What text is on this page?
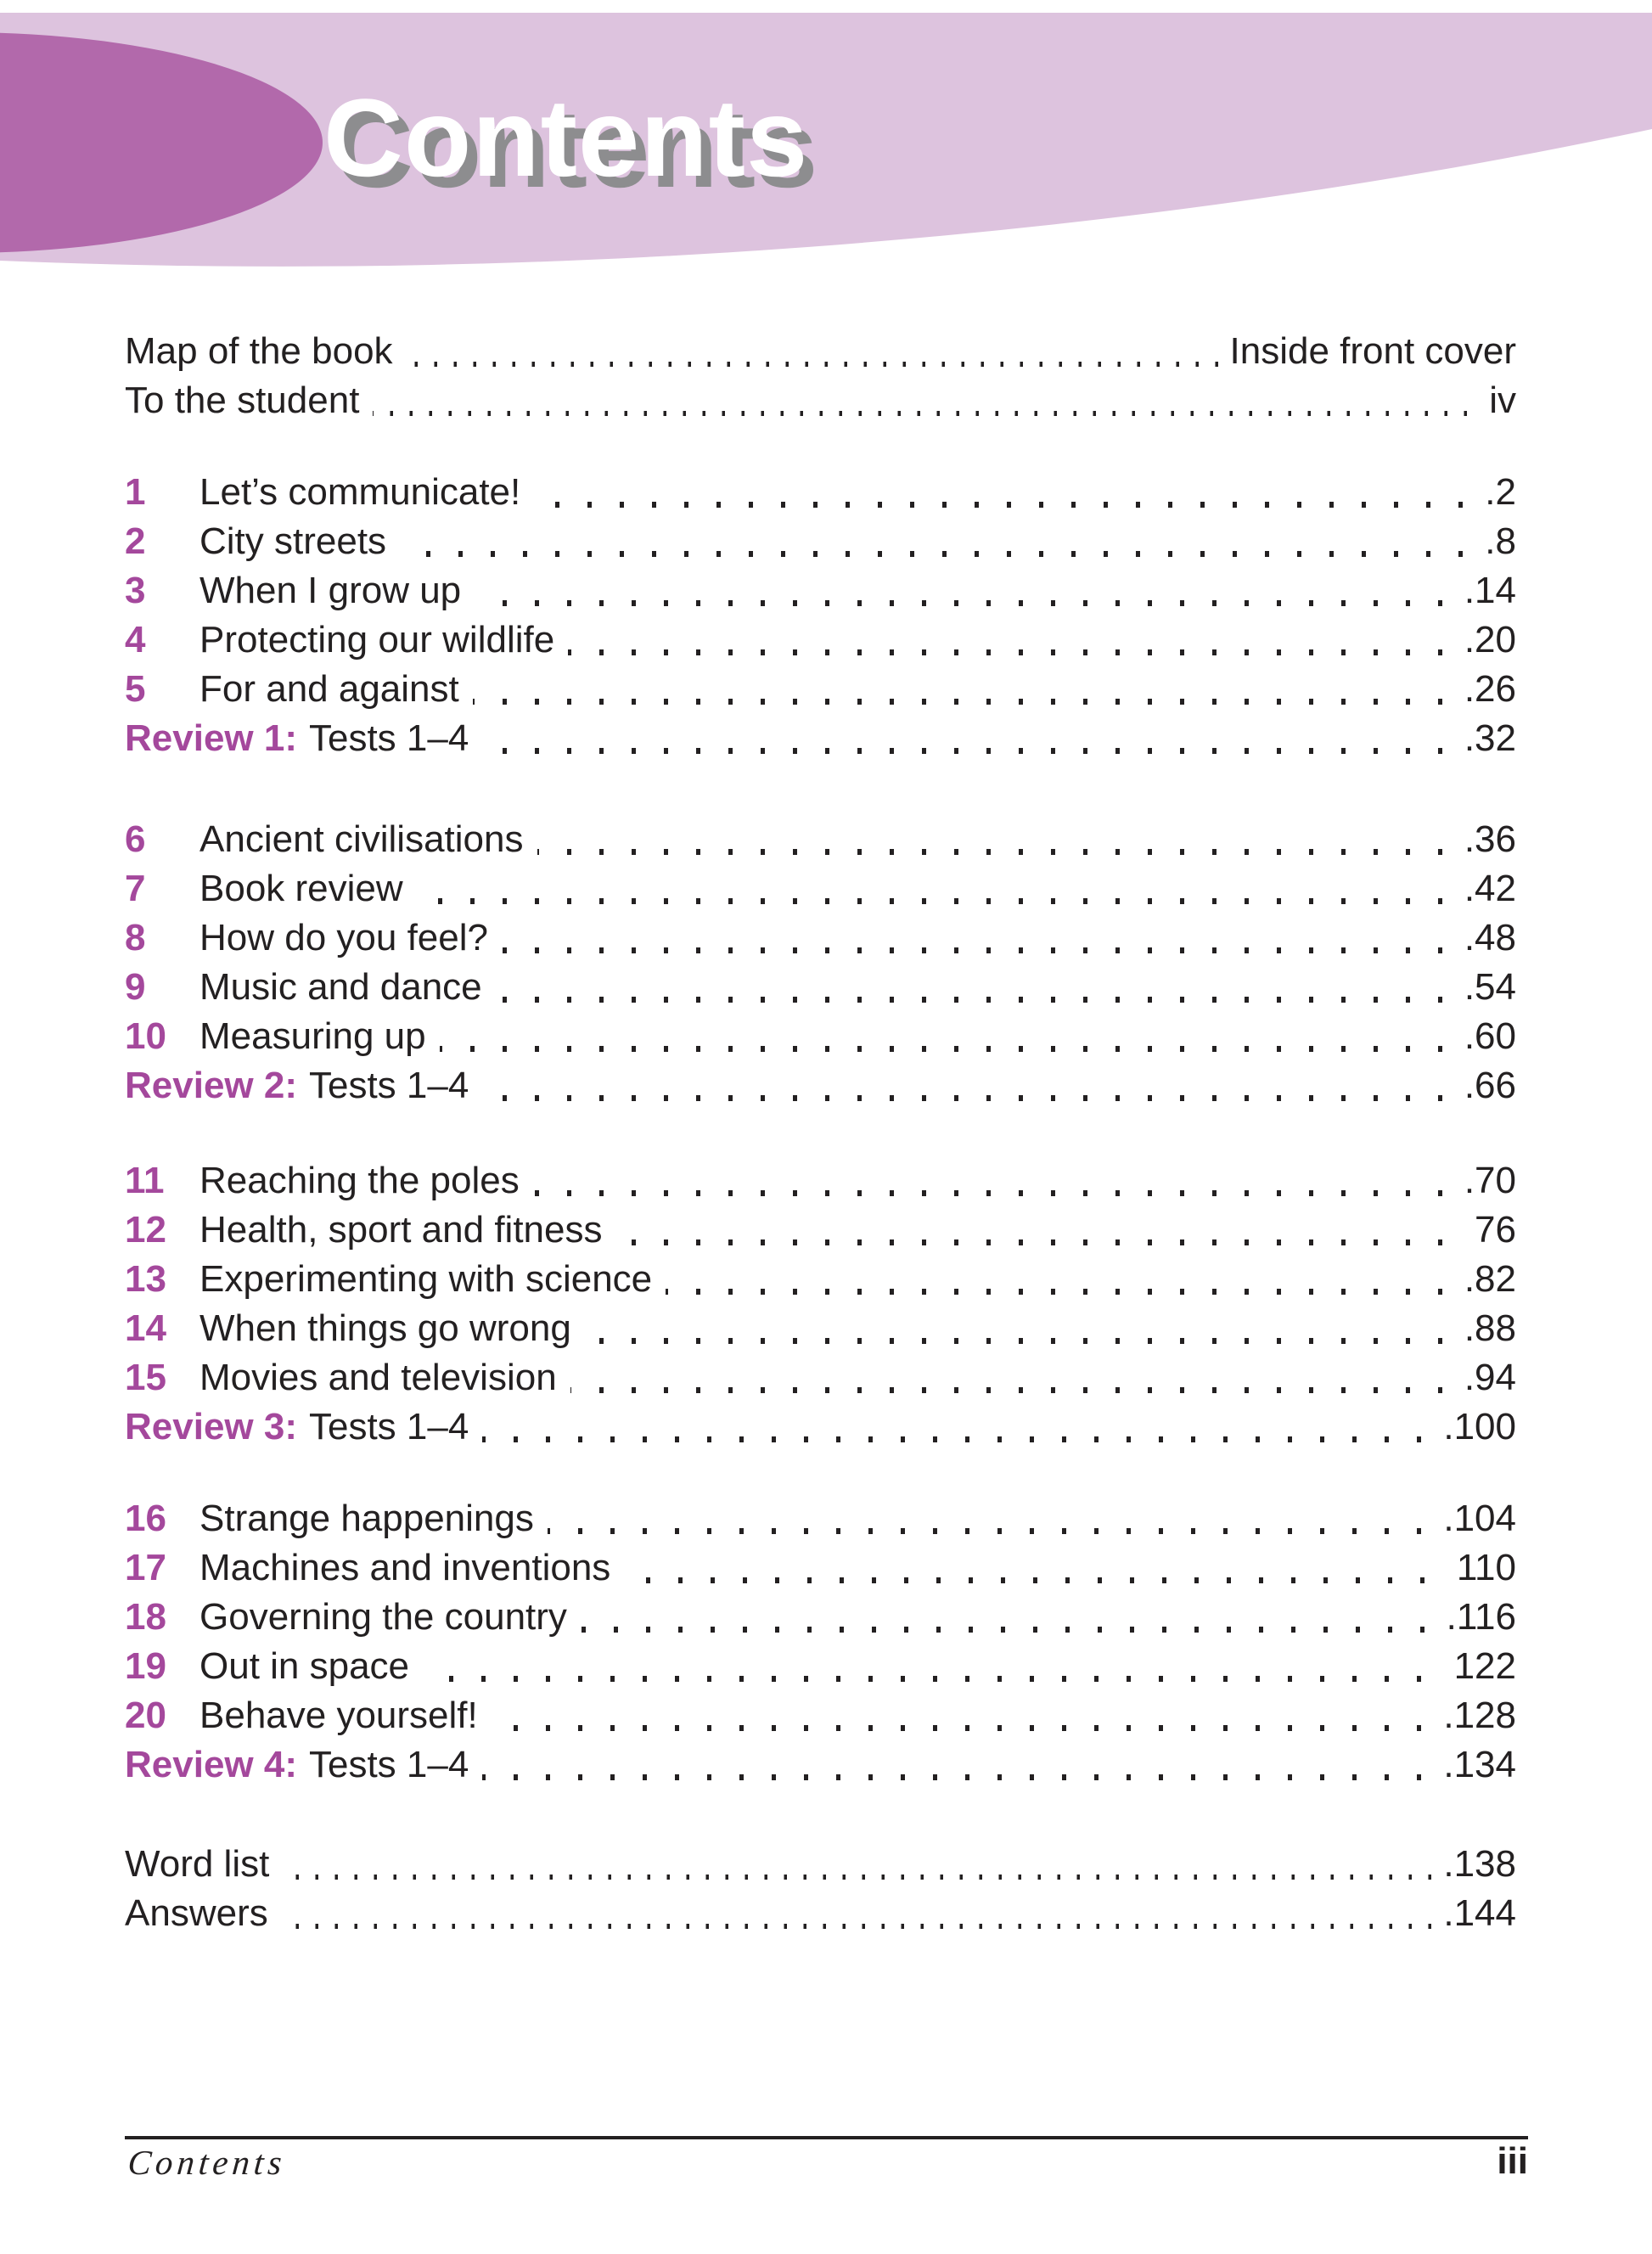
Contents
Map of the book	Inside front cover
To the student	iv
1	Let’s communicate!	.2
2	City streets	.8
3	When I grow up	.14
4	Protecting our wildlife	.20
5	For and against	.26
Review 1: Tests 1–4	.32
6	Ancient civilisations	.36
7	Book review	.42
8	How do you feel?	.48
9	Music and dance	.54
10 Measuring up	.60
Review 2: Tests 1–4	.66
11 Reaching the poles	.70
12 Health, sport and fitness	76
13 Experimenting with science	.82
14 When things go wrong	.88
15 Movies and television	.94
Review 3: Tests 1–4	.100
16 Strange happenings	.104
17 Machines and inventions	110
18 Governing the country	.116
19 Out in space	122
20 Behave yourself!	.128
Review 4: Tests 1–4	.134
Word list	.138
Answers	.144
Contents	iii
